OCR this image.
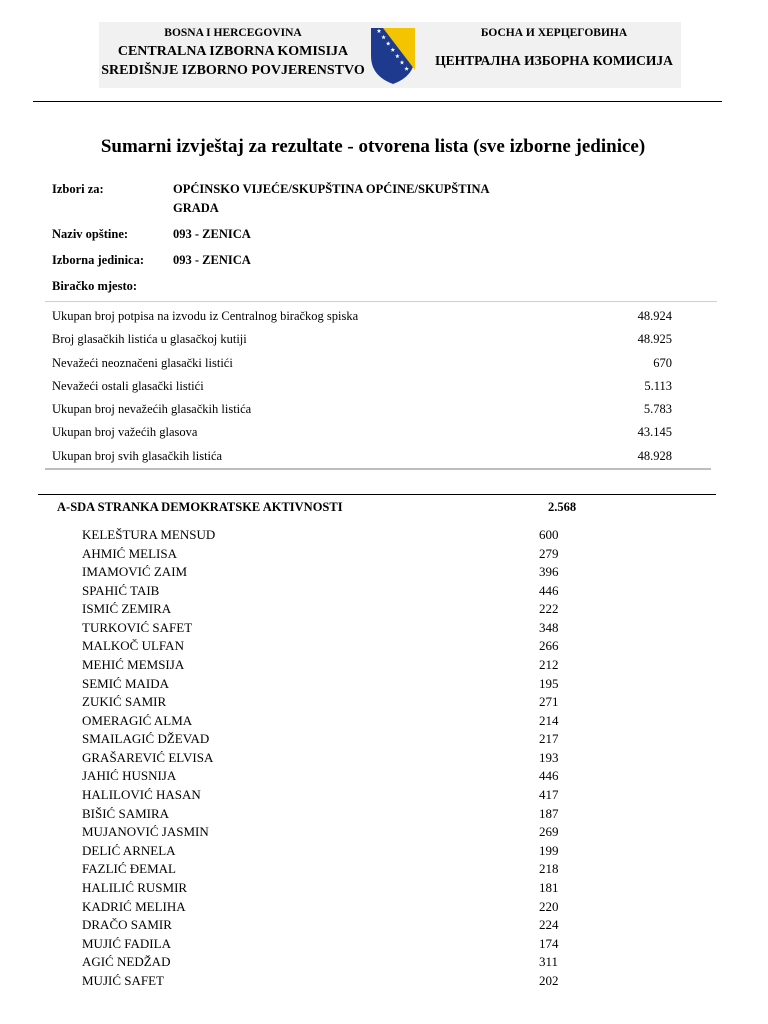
BOSNA I HERCEGOVINA
CENTRALNA IZBORNA KOMISIJA
SREDIŠNJE IZBORNO POVJERENSTVO
БОСНА И ХЕРЦЕГОВИНА
ЦЕНТРАЛНА ИЗБОРНА КОМИСИЈА
Sumarni izvještaj za rezultate - otvorena lista (sve izborne jedinice)
Izbori za:	OPĆINSKO VIJEĆE/SKUPŠTINA OPĆINE/SKUPŠTINA GRADA
Naziv opštine:	093 - ZENICA
Izborna jedinica:	093 - ZENICA
Biračko mjesto:
Ukupan broj potpisa na izvodu iz Centralnog biračkog spiska	48.924
Broj glasačkih listića u glasačkoj kutiji	48.925
Nevažeći neoznačeni glasački listići	670
Nevažeći ostali glasački listići	5.113
Ukupan broj nevažećih glasačkih listića	5.783
Ukupan broj važećih glasova	43.145
Ukupan broj svih glasačkih listića	48.928
A-SDA STRANKA DEMOKRATSKE AKTIVNOSTI	2.568
KELEŠTURA MENSUD	600
AHMIĆ MELISA	279
IMAMOVIĆ ZAIM	396
SPAHIĆ TAIB	446
ISMIĆ ZEMIRA	222
TURKOVIĆ SAFET	348
MALKOČ ULFAN	266
MEHIĆ MEMSIJA	212
SEMIĆ MAIDA	195
ZUKIĆ SAMIR	271
OMERAGIĆ ALMA	214
SMAILAGIĆ DŽEVAD	217
GRAŠAREVIĆ ELVISA	193
JAHIĆ HUSNIJA	446
HALILOVIĆ HASAN	417
BIŠIĆ SAMIRA	187
MUJANOVIĆ JASMIN	269
DELIĆ ARNELA	199
FAZLIĆ ĐEMAL	218
HALILIĆ RUSMIR	181
KADRIĆ MELIHA	220
DRAČO SAMIR	224
MUJIĆ FADILA	174
AGIĆ NEDŽAD	311
MUJIĆ SAFET	202
